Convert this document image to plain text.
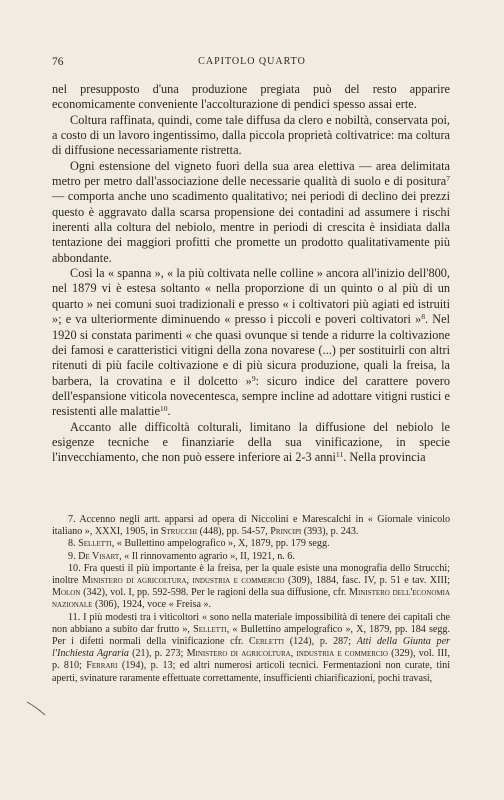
76	CAPITOLO QUARTO

nel presupposto d'una produzione pregiata può del resto apparire economicamente conveniente l'accolturazione di pendici spesso assai erte.

Coltura raffinata, quindi, come tale diffusa da clero e nobiltà, conservata poi, a costo di un lavoro ingentissimo, dalla piccola proprietà coltivatrice: ma coltura di diffusione necessariamente ristretta.

Ogni estensione del vigneto fuori della sua area elettiva — area delimitata metro per metro dall'associazione delle necessarie qualità di suolo e di positura$^7$ — comporta anche uno scadimento qualitativo; nei periodi di declino dei prezzi questo è aggravato dalla scarsa propensione dei contadini ad assumere i rischi inerenti alla coltura del nebiolo, mentre in periodi di crescita è insidiata dalla tentazione dei maggiori profitti che promette un prodotto qualitativamente più abbondante.

Così la « spanna », « la più coltivata nelle colline » ancora all'inizio dell'800, nel 1879 vi è estesa soltanto « nella proporzione di un quinto o al più di un quarto » nei comuni suoi tradizionali e presso « i coltivatori più agiati ed istruiti »; e va ulteriormente diminuendo « presso i piccoli e poveri coltivatori »$^8$. Nel 1920 si constata parimenti « che quasi ovunque si tende a ridurre la coltivazione dei famosi e caratteristici vitigni della zona novarese (...) per sostituirli con altri ritenuti di più facile coltivazione e di più sicura produzione, quali la freisa, la barbera, la crovatina e il dolcetto »$^9$: sicuro indice del carattere povero dell'espansione viticola novecentesca, sempre incline ad adottare vitigni rustici e resistenti alle malattie$^{10}$.

Accanto alle difficoltà colturali, limitano la diffusione del nebiolo le esigenze tecniche e finanziarie della sua vinificazione, in specie l'invecchiamento, che non può essere inferiore ai 2-3 anni$^{11}$. Nella provincia

7. Accenno negli artt. apparsi ad opera di Niccolini e Marescalchi in « Giornale vinicolo italiano », XXXI, 1905, in Strucchi (448), pp. 54-57, Principi (393), p. 243.

8. Selletti, « Bullettino ampelografico », X, 1879, pp. 179 segg.

9. De Visart, « Il rinnovamento agrario », II, 1921, n. 6.

10. Fra questi il più importante è la freisa, per la quale esiste una monografia dello Strucchi; inoltre Ministero di agricoltura, industria e commercio (309), 1884, fasc. IV, p. 51 e tav. XIII; Molon (342), vol. I, pp. 592-598. Per le ragioni della sua diffusione, cfr. Ministero dell'economia nazionale (306), 1924, voce « Freisa ».

11. I più modesti tra i viticoltori « sono nella materiale impossibilità di tenere dei capitali che non abbiano a subito dar frutto », Selletti, « Bullettino ampelografico », X, 1879, pp. 184 segg. Per i difetti normali della vinificazione cfr. Cerletti (124), p. 287; Atti della Giunta per l'Inchiesta Agraria (21), p. 273; Ministero di agricoltura, industria e commercio (329), vol. III, p. 810; Ferrari (194), p. 13; ed altri numerosi articoli tecnici. Fermentazioni non curate, tini aperti, svinature raramente effettuate correttamente, insufficienti chiarificazioni, pochi travasi,
